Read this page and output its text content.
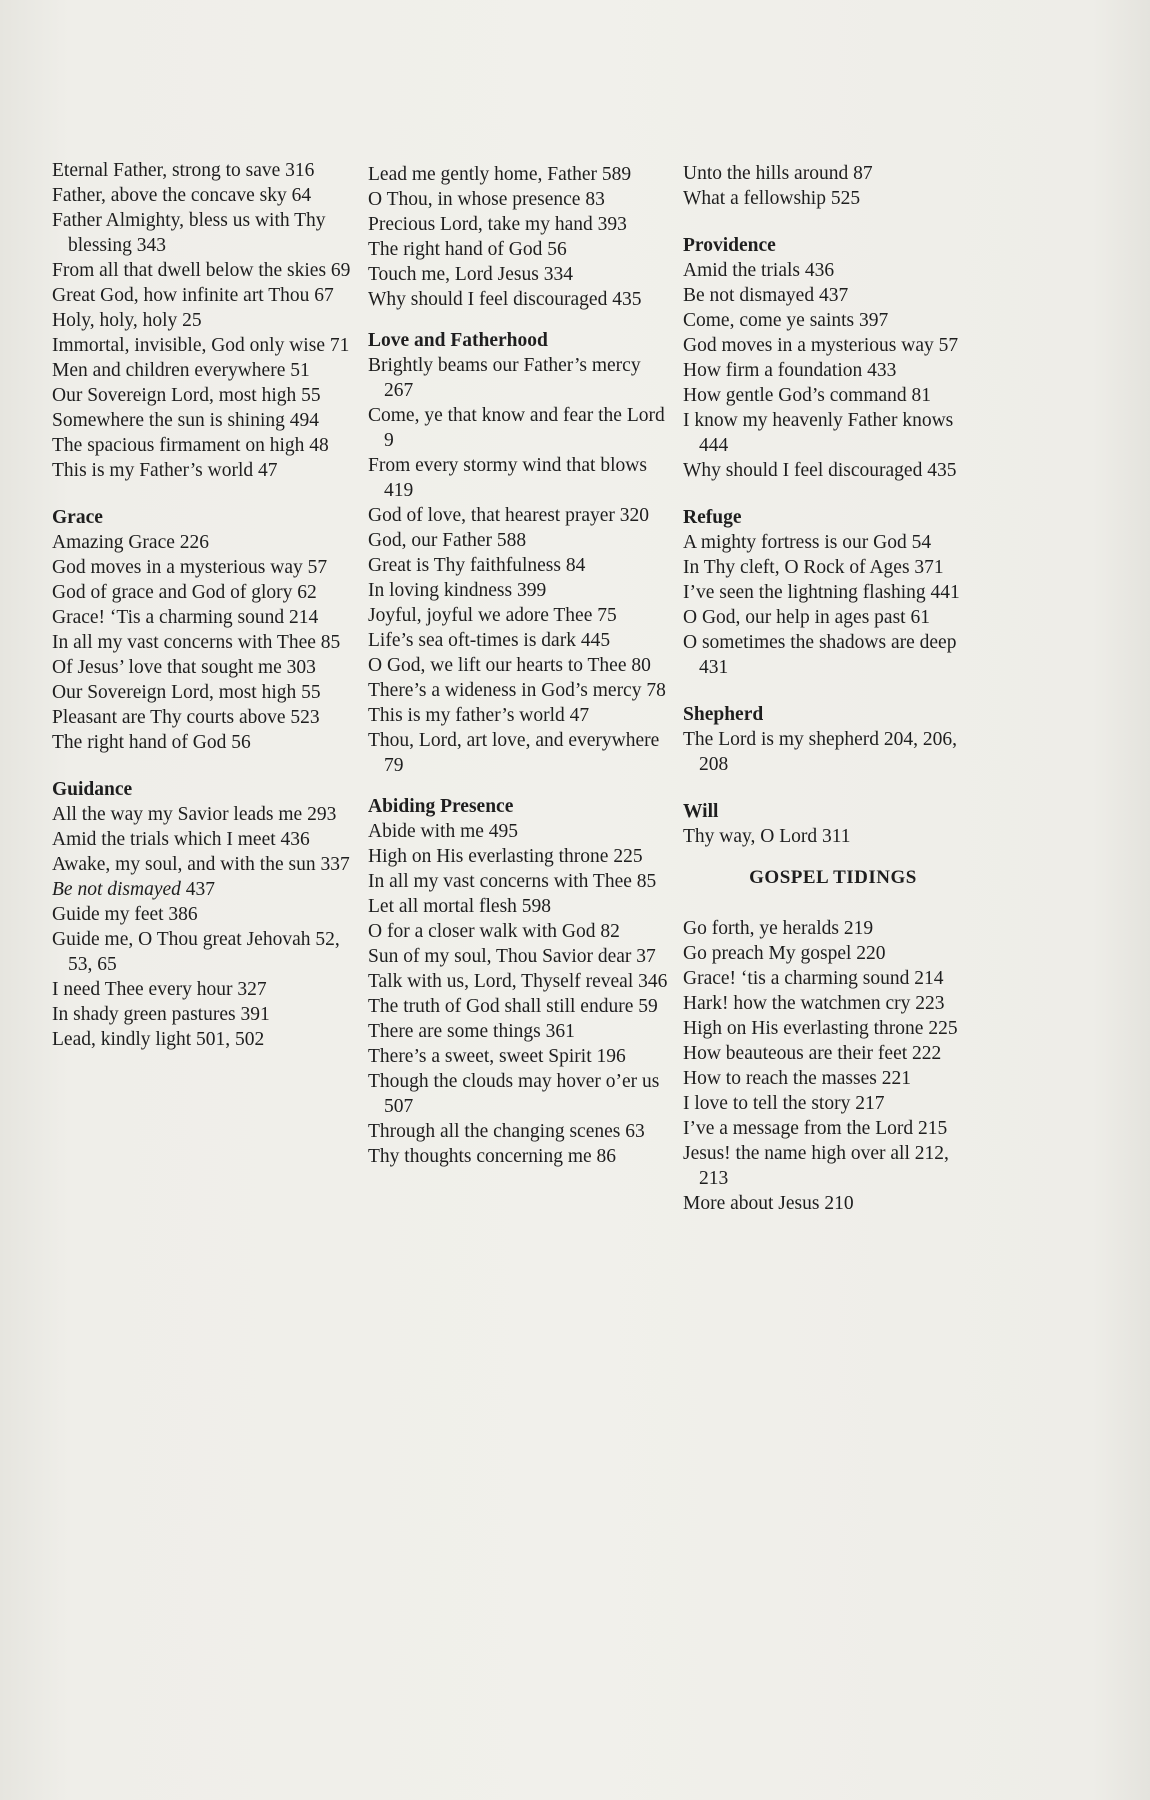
Eternal Father, strong to save 316

Father, above the concave sky 64

Father Almighty, bless us with Thy blessing 343

From all that dwell below the skies 69

Great God, how infinite art Thou 67

Holy, holy, holy 25

Immortal, invisible, God only wise 71

Men and children everywhere 51

Our Sovereign Lord, most high 55

Somewhere the sun is shining 494

The spacious firmament on high 48

This is my Father’s world 47

Grace

Amazing Grace 226

God moves in a mysterious way 57

God of grace and God of glory 62

Grace! ‘Tis a charming sound 214

In all my vast concerns with Thee 85

Of Jesus’ love that sought me 303

Our Sovereign Lord, most high 55

Pleasant are Thy courts above 523

The right hand of God 56

Guidance

All the way my Savior leads me 293

Amid the trials which I meet 436

Awake, my soul, and with the sun 337

Be not dismayed 437

Guide my feet 386

Guide me, O Thou great Jehovah 52, 53, 65

I need Thee every hour 327

In shady green pastures 391

Lead, kindly light 501, 502

Lead me gently home, Father 589

O Thou, in whose presence 83

Precious Lord, take my hand 393

The right hand of God 56

Touch me, Lord Jesus 334

Why should I feel discouraged 435

Love and Fatherhood

Brightly beams our Father’s mercy 267

Come, ye that know and fear the Lord 9

From every stormy wind that blows 419

God of love, that hearest prayer 320

God, our Father 588

Great is Thy faithfulness 84

In loving kindness 399

Joyful, joyful we adore Thee 75

Life’s sea oft-times is dark 445

O God, we lift our hearts to Thee 80

There’s a wideness in God’s mercy 78

This is my father’s world 47

Thou, Lord, art love, and everywhere 79

Abiding Presence

Abide with me 495

High on His everlasting throne 225

In all my vast concerns with Thee 85

Let all mortal flesh 598

O for a closer walk with God 82

Sun of my soul, Thou Savior dear 37

Talk with us, Lord, Thyself reveal 346

The truth of God shall still endure 59

There are some things 361

There’s a sweet, sweet Spirit 196

Though the clouds may hover o’er us 507

Through all the changing scenes 63

Thy thoughts concerning me 86

Unto the hills around 87

What a fellowship 525

Providence

Amid the trials 436

Be not dismayed 437

Come, come ye saints 397

God moves in a mysterious way 57

How firm a foundation 433

How gentle God’s command 81

I know my heavenly Father knows 444

Why should I feel discouraged 435

Refuge

A mighty fortress is our God 54

In Thy cleft, O Rock of Ages 371

I’ve seen the lightning flashing 441

O God, our help in ages past 61

O sometimes the shadows are deep 431

Shepherd

The Lord is my shepherd 204, 206, 208

Will

Thy way, O Lord 311

GOSPEL TIDINGS

Go forth, ye heralds 219

Go preach My gospel 220

Grace! ‘tis a charming sound 214

Hark! how the watchmen cry 223

High on His everlasting throne 225

How beauteous are their feet 222

How to reach the masses 221

I love to tell the story 217

I’ve a message from the Lord 215

Jesus! the name high over all 212, 213

More about Jesus 210
